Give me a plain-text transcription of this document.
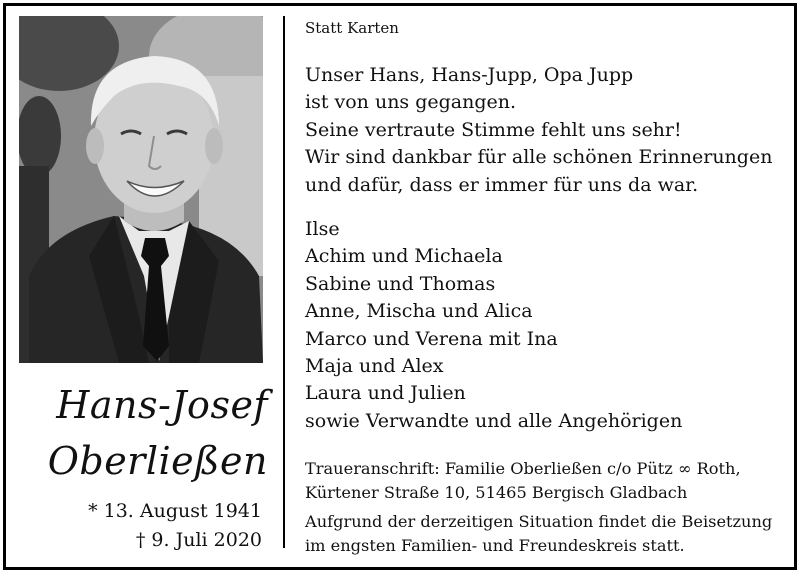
Hans-Josef
Oberließen
* 13. August 1941
† 9. Juli 2020
Statt Karten
Unser Hans, Hans-Jupp, Opa Jupp
ist von uns gegangen.
Seine vertraute Stimme fehlt uns sehr!
Wir sind dankbar für alle schönen Erinnerungen
und dafür, dass er immer für uns da war.
Ilse
Achim und Michaela
Sabine und Thomas
Anne, Mischa und Alica
Marco und Verena mit Ina
Maja und Alex
Laura und Julien
sowie Verwandte und alle Angehörigen
Traueranschrift: Familie Oberließen c/o Pütz ∞ Roth,
Kürtener Straße 10, 51465 Bergisch Gladbach
Aufgrund der derzeitigen Situation findet die Beisetzung
im engsten Familien- und Freundeskreis statt.
